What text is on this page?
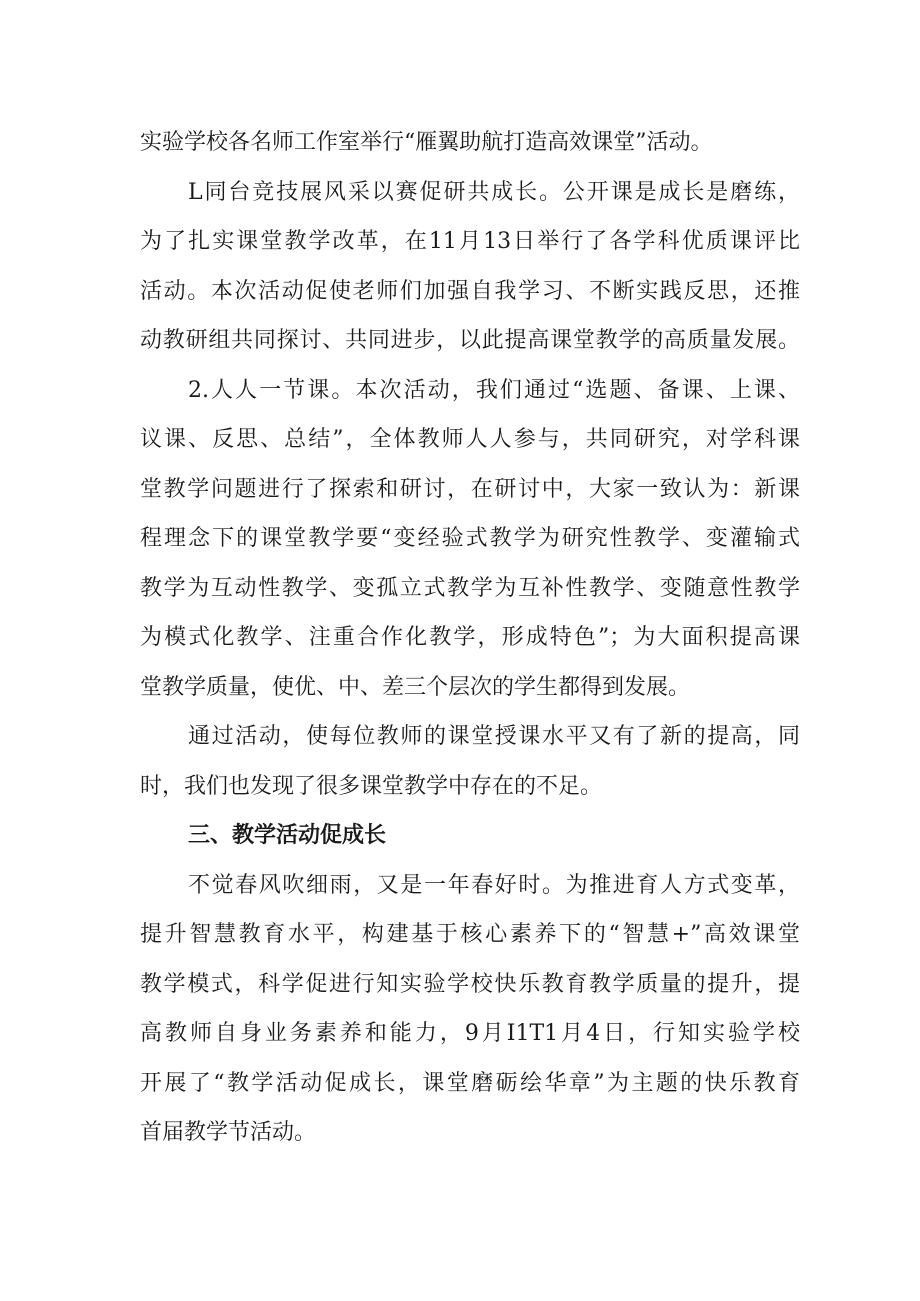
实验学校各名师工作室举行“雁翼助航打造高效课堂”活动。
L同台竞技展风采以赛促研共成长。公开课是成长是磨练，
为了扎实课堂教学改革，在11月13日举行了各学科优质课评比
活动。本次活动促使老师们加强自我学习、不断实践反思，还推
动教研组共同探讨、共同进步，以此提高课堂教学的高质量发展。
2.人人一节课。本次活动，我们通过“选题、备课、上课、
议课、反思、总结”，全体教师人人参与，共同研究，对学科课
堂教学问题进行了探索和研讨，在研讨中，大家一致认为：新课
程理念下的课堂教学要“变经验式教学为研究性教学、变灌输式
教学为互动性教学、变孤立式教学为互补性教学、变随意性教学
为模式化教学、注重合作化教学，形成特色”；为大面积提高课
堂教学质量，使优、中、差三个层次的学生都得到发展。
通过活动，使每位教师的课堂授课水平又有了新的提高，同
时，我们也发现了很多课堂教学中存在的不足。
三、教学活动促成长
不觉春风吹细雨，又是一年春好时。为推进育人方式变革，
提升智慧教育水平，构建基于核心素养下的“智慧+”高效课堂
教学模式，科学促进行知实验学校快乐教育教学质量的提升，提
高教师自身业务素养和能力，9月I1T1月4日，行知实验学校
开展了“教学活动促成长，课堂磨砺绘华章”为主题的快乐教育
首届教学节活动。
